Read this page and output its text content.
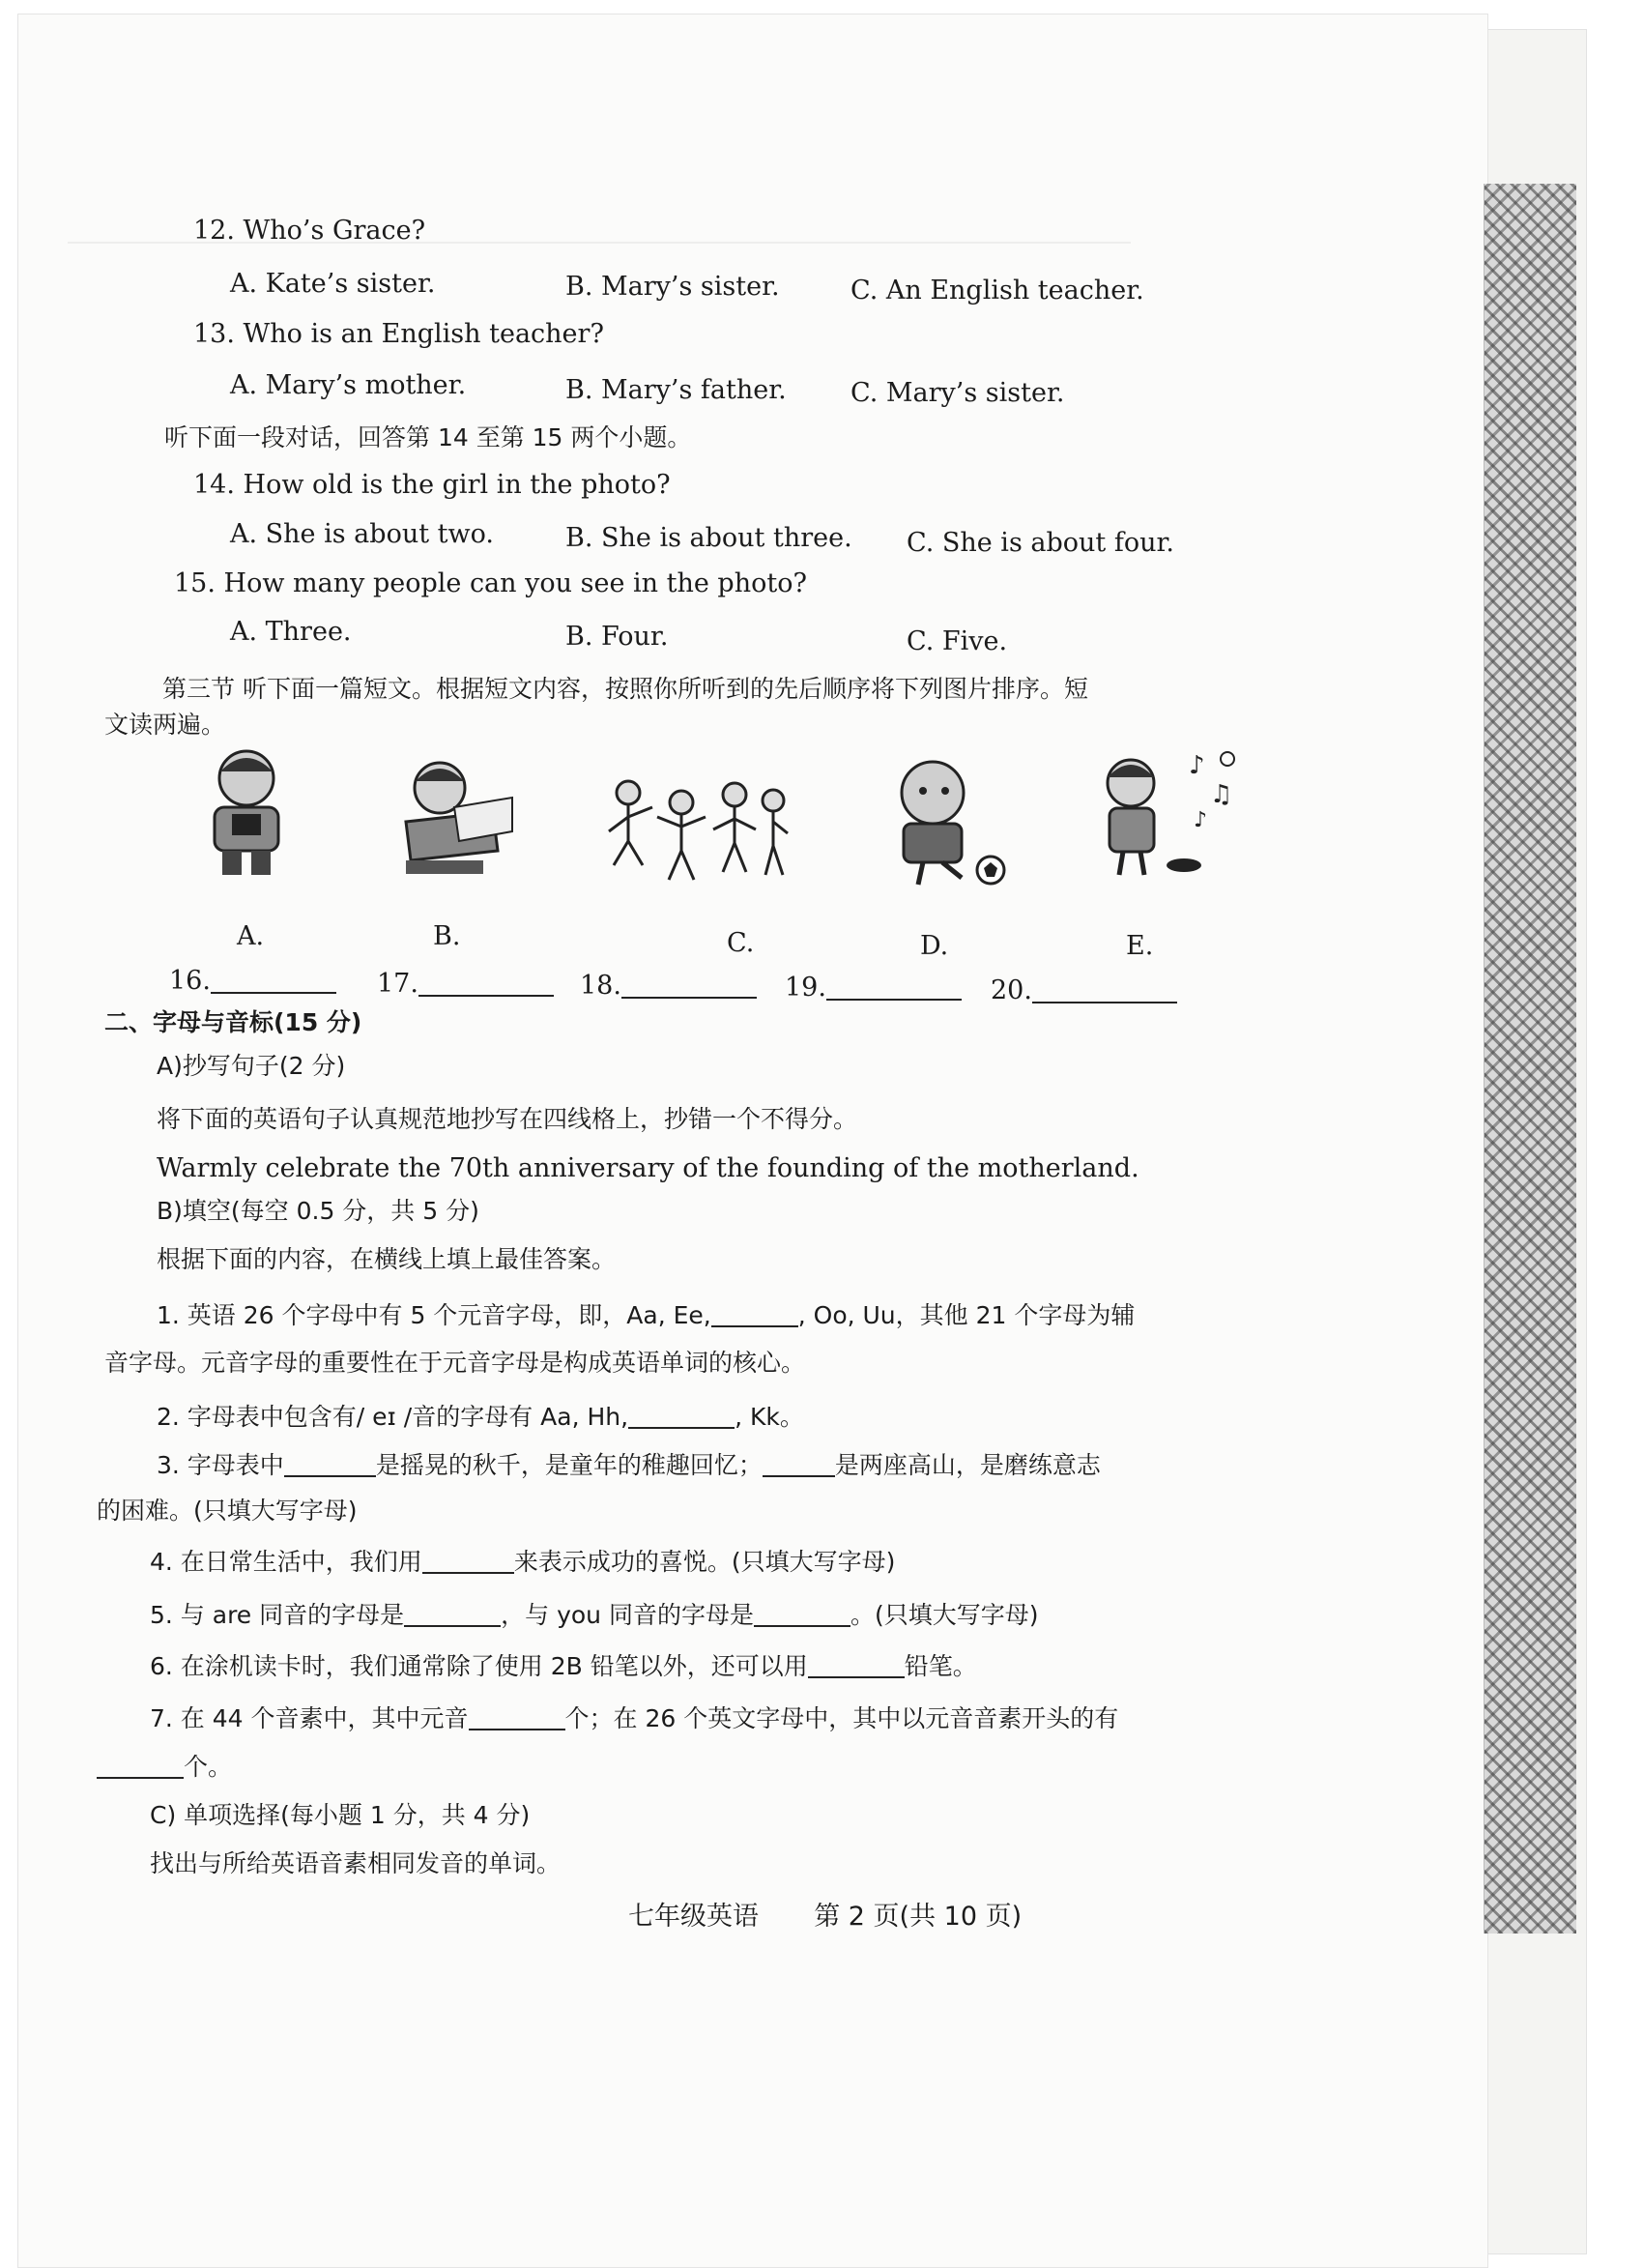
12. Who’s Grace?
A. Kate’s sister.	B. Mary’s sister.	C. An English teacher.
13. Who is an English teacher?
A. Mary’s mother.	B. Mary’s father. C. Mary’s sister.
听下面一段对话，回答第 14 至第 15 两个小题。
14. How old is the girl in the photo?
A. She is about two.	B. She is about three. C. She is about four.
15. How many people can you see in the photo?
A. Three.	B. Four.	C. Five.
第三节 听下面一篇短文。根据短文内容，按照你所听到的先后顺序将下列图片排序。短
文读两遍。
♪
♫
♪
A.	B.	C.	D.	E.
16.	17.	18.	19.	20.
二、字母与音标(15 分)
A)抄写句子(2 分)
将下面的英语句子认真规范地抄写在四线格上，抄错一个不得分。
Warmly celebrate the 70th anniversary of the founding of the motherland.
B)填空(每空 0.5 分，共 5 分)
根据下面的内容，在横线上填上最佳答案。
1. 英语 26 个字母中有 5 个元音字母，即，Aa, Ee,	, Oo, Uu，其他 21 个字母为辅
音字母。元音字母的重要性在于元音字母是构成英语单词的核心。
2. 字母表中包含有/ eɪ /音的字母有 Aa, Hh,	, Kk。
3. 字母表中	是摇晃的秋千，是童年的稚趣回忆；	是两座高山，是磨练意志
的困难。(只填大写字母)
4. 在日常生活中，我们用	来表示成功的喜悦。(只填大写字母)
5. 与 are 同音的字母是	，与 you 同音的字母是	。(只填大写字母)
6. 在涂机读卡时，我们通常除了使用 2B 铅笔以外，还可以用	铅笔。
7. 在 44 个音素中，其中元音	个；在 26 个英文字母中，其中以元音音素开头的有
个。
C) 单项选择(每小题 1 分，共 4 分)
找出与所给英语音素相同发音的单词。
七年级英语 第 2 页(共 10 页)
